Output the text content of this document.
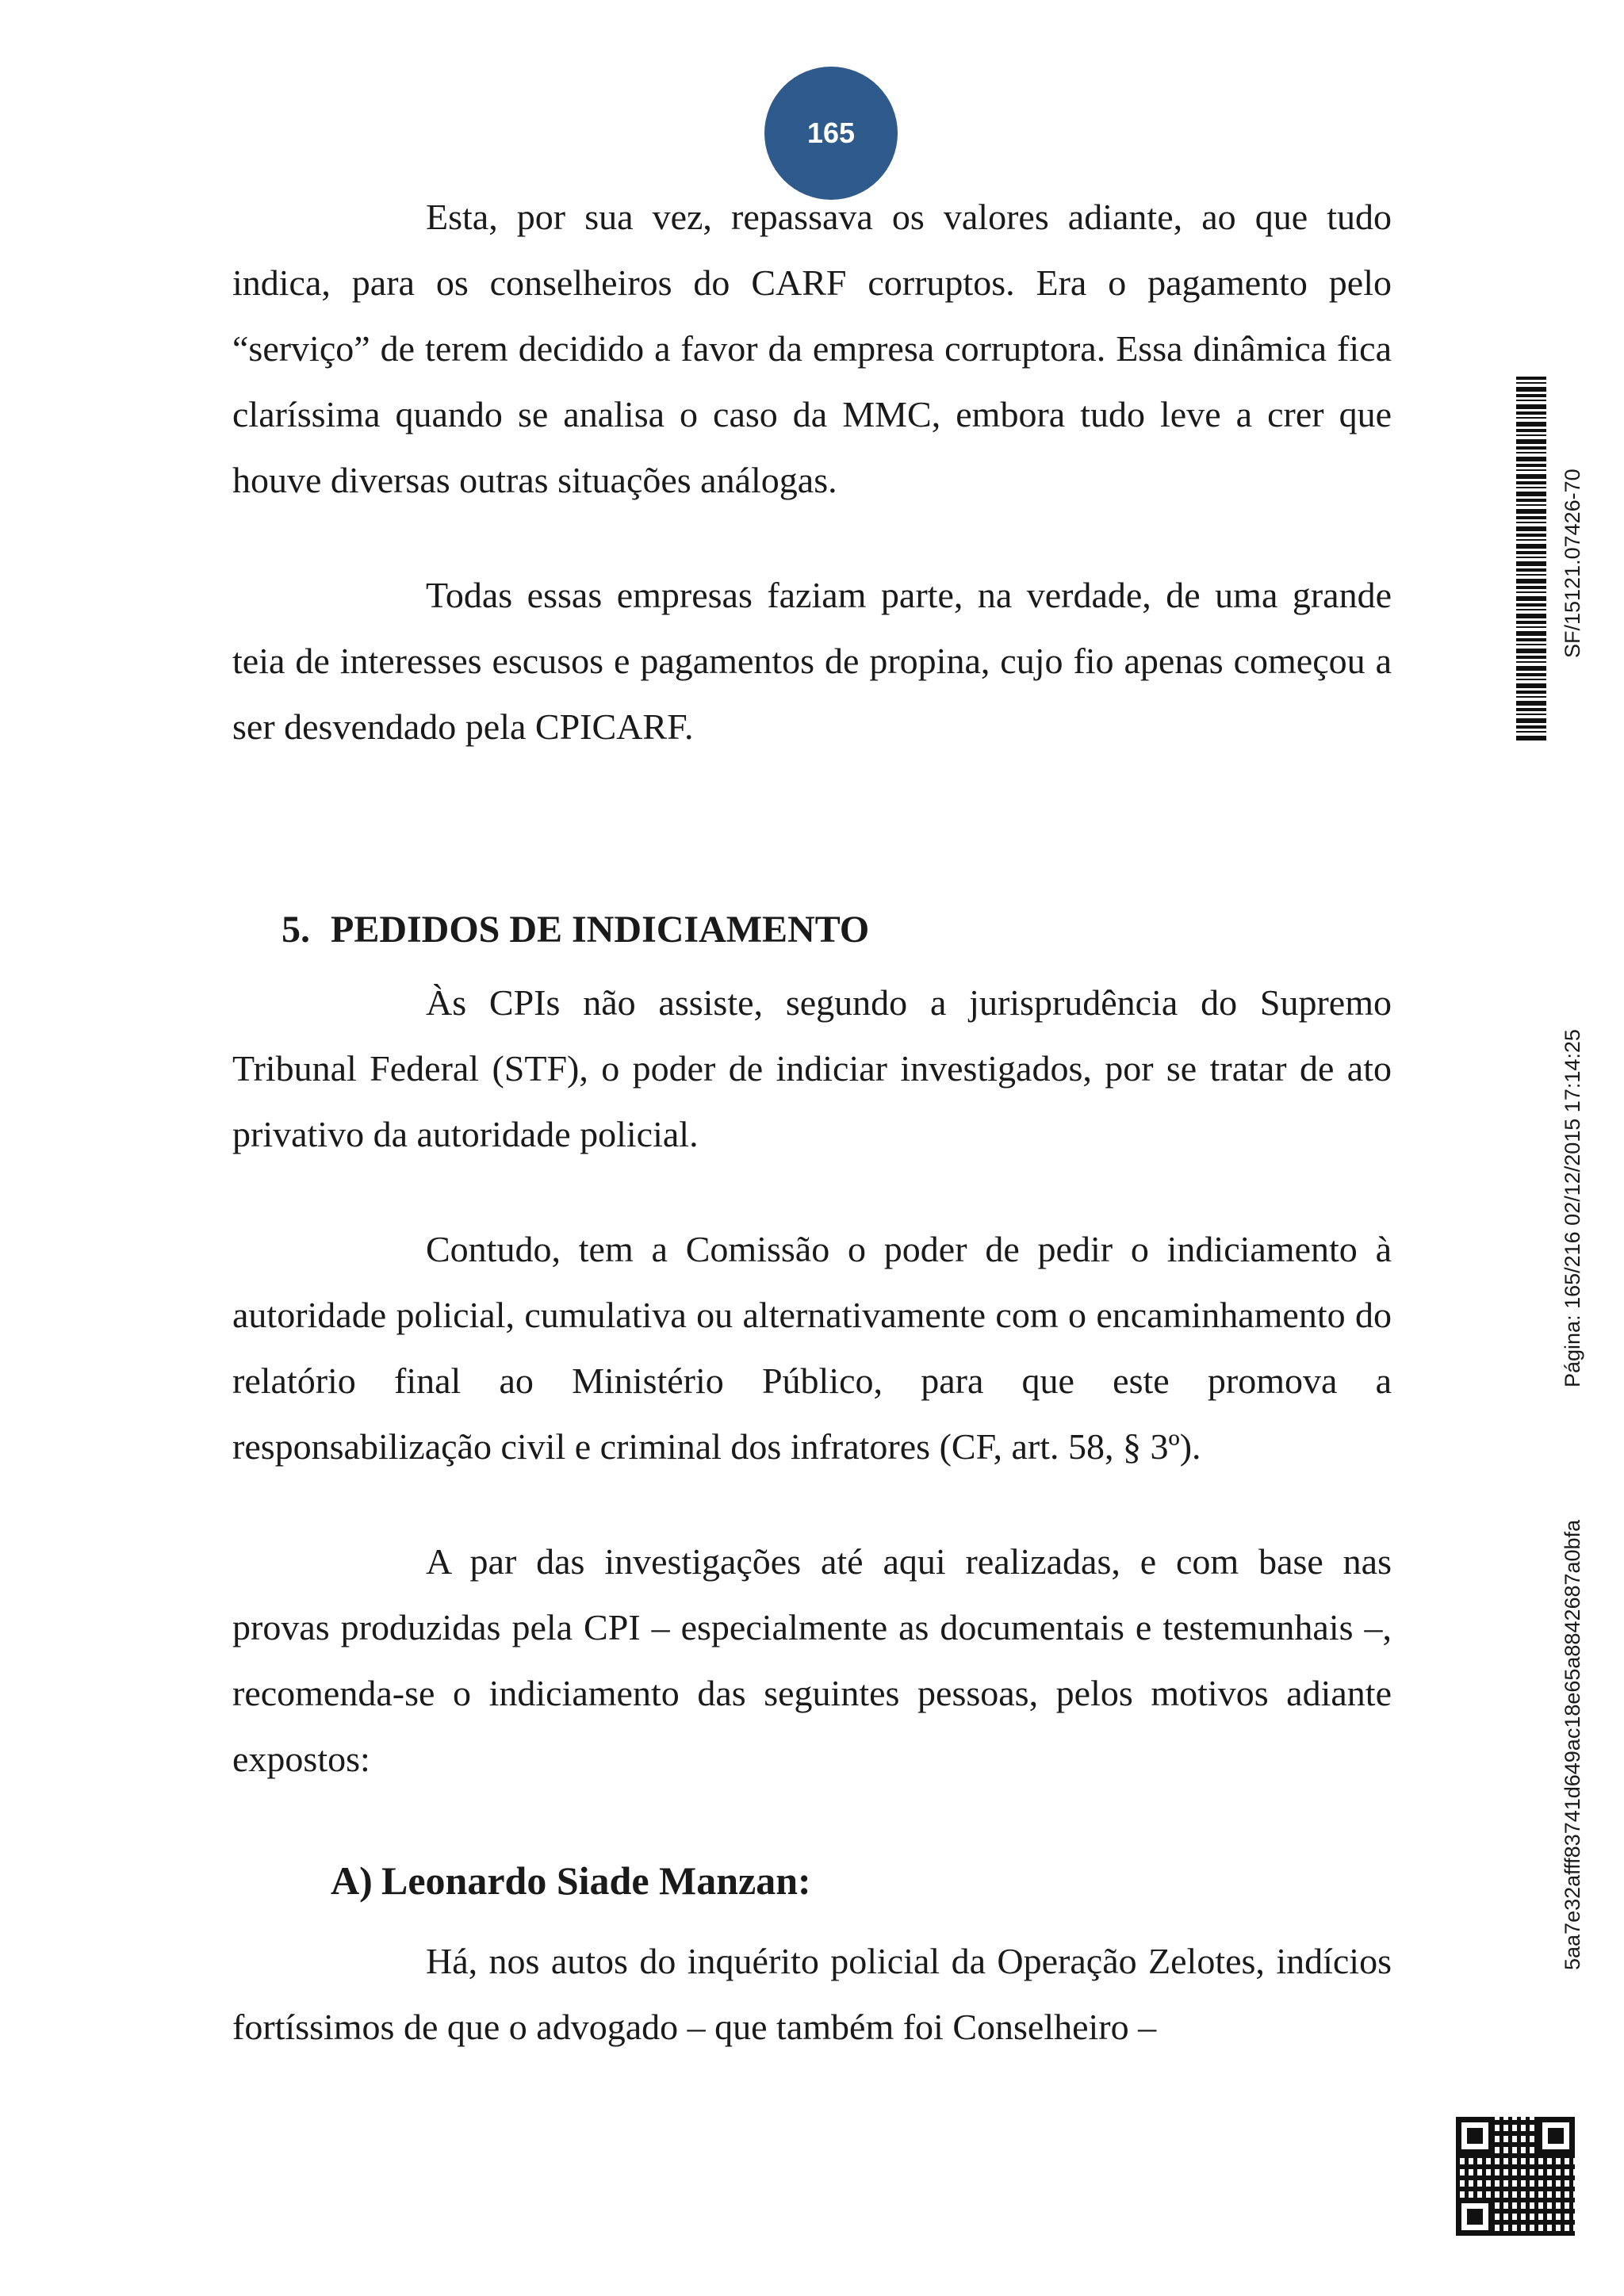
165

Esta, por sua vez, repassava os valores adiante, ao que tudo indica, para os conselheiros do CARF corruptos. Era o pagamento pelo “serviço” de terem decidido a favor da empresa corruptora. Essa dinâmica fica claríssima quando se analisa o caso da MMC, embora tudo leve a crer que houve diversas outras situações análogas.

Todas essas empresas faziam parte, na verdade, de uma grande teia de interesses escusos e pagamentos de propina, cujo fio apenas começou a ser desvendado pela CPICARF.

5. PEDIDOS DE INDICIAMENTO

Às CPIs não assiste, segundo a jurisprudência do Supremo Tribunal Federal (STF), o poder de indiciar investigados, por se tratar de ato privativo da autoridade policial.

Contudo, tem a Comissão o poder de pedir o indiciamento à autoridade policial, cumulativa ou alternativamente com o encaminhamento do relatório final ao Ministério Público, para que este promova a responsabilização civil e criminal dos infratores (CF, art. 58, § 3º).

A par das investigações até aqui realizadas, e com base nas provas produzidas pela CPI – especialmente as documentais e testemunhais –, recomenda-se o indiciamento das seguintes pessoas, pelos motivos adiante expostos:

A) Leonardo Siade Manzan:

Há, nos autos do inquérito policial da Operação Zelotes, indícios fortíssimos de que o advogado – que também foi Conselheiro –

SF/15121.07426-70
Página: 165/216 02/12/2015 17:14:25
5aa7e32afff83741d649ac18e65a8842687a0bfa
